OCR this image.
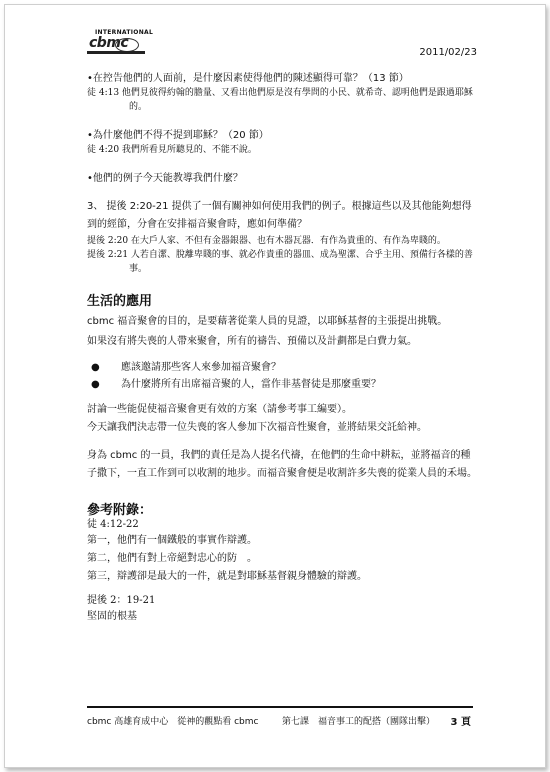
INTERNATIONAL
cbmc
2011/02/23

•在控告他們的人面前，是什麼因素使得他們的陳述顯得可靠？（13 節）

徒 4:13 他們見彼得約翰的膽量、又看出他們原是沒有學問的小民、就希奇、認明他們是跟過耶穌的。

•為什麼他們不得不提到耶穌？（20 節）

徒 4:20 我們所看見所聽見的、不能不說。

•他們的例子今天能教導我們什麼？

3、 提後 2:20-21 提供了一個有關神如何使用我們的例子。根據這些以及其他能夠想得到的經節，分會在安排福音聚會時，應如何準備？

提後 2:20 在大戶人家、不但有金器銀器、也有木器瓦器．有作為貴重的、有作為卑賤的。

提後 2:21 人若自潔、脫離卑賤的事、就必作貴重的器皿、成為聖潔、合乎主用、預備行各樣的善事。

生活的應用

cbmc 福音聚會的目的，是要藉著從業人員的見證，以耶穌基督的主張提出挑戰。

如果沒有將失喪的人帶來聚會，所有的禱告、預備以及計劃都是白費力氣。

●	應該邀請那些客人來參加福音聚會？
●	為什麼將所有出席福音聚的人，當作非基督徒是那麼重要？

討論一些能促使福音聚會更有效的方案（請參考事工編要）。

今天讓我們決志帶一位失喪的客人參加下次福音性聚會，並將結果交託給神。

身為 cbmc 的一員，我們的責任是為人提名代禱，在他們的生命中耕耘，並將福音的種子撒下，一直工作到可以收割的地步。而福音聚會便是收割許多失喪的從業人員的禾場。

參考附錄：

徒 4:12-22

第一，他們有一個鐵般的事實作辯護。

第二，他們有對上帝絕對忠心的防　。

第三，辯護卻是最大的一件，就是對耶穌基督親身體驗的辯護。

提後 2：19-21

堅固的根基

cbmc 高雄育成中心　從神的觀點看 cbmc	第七課　福音事工的配搭（團隊出擊） 3 頁
